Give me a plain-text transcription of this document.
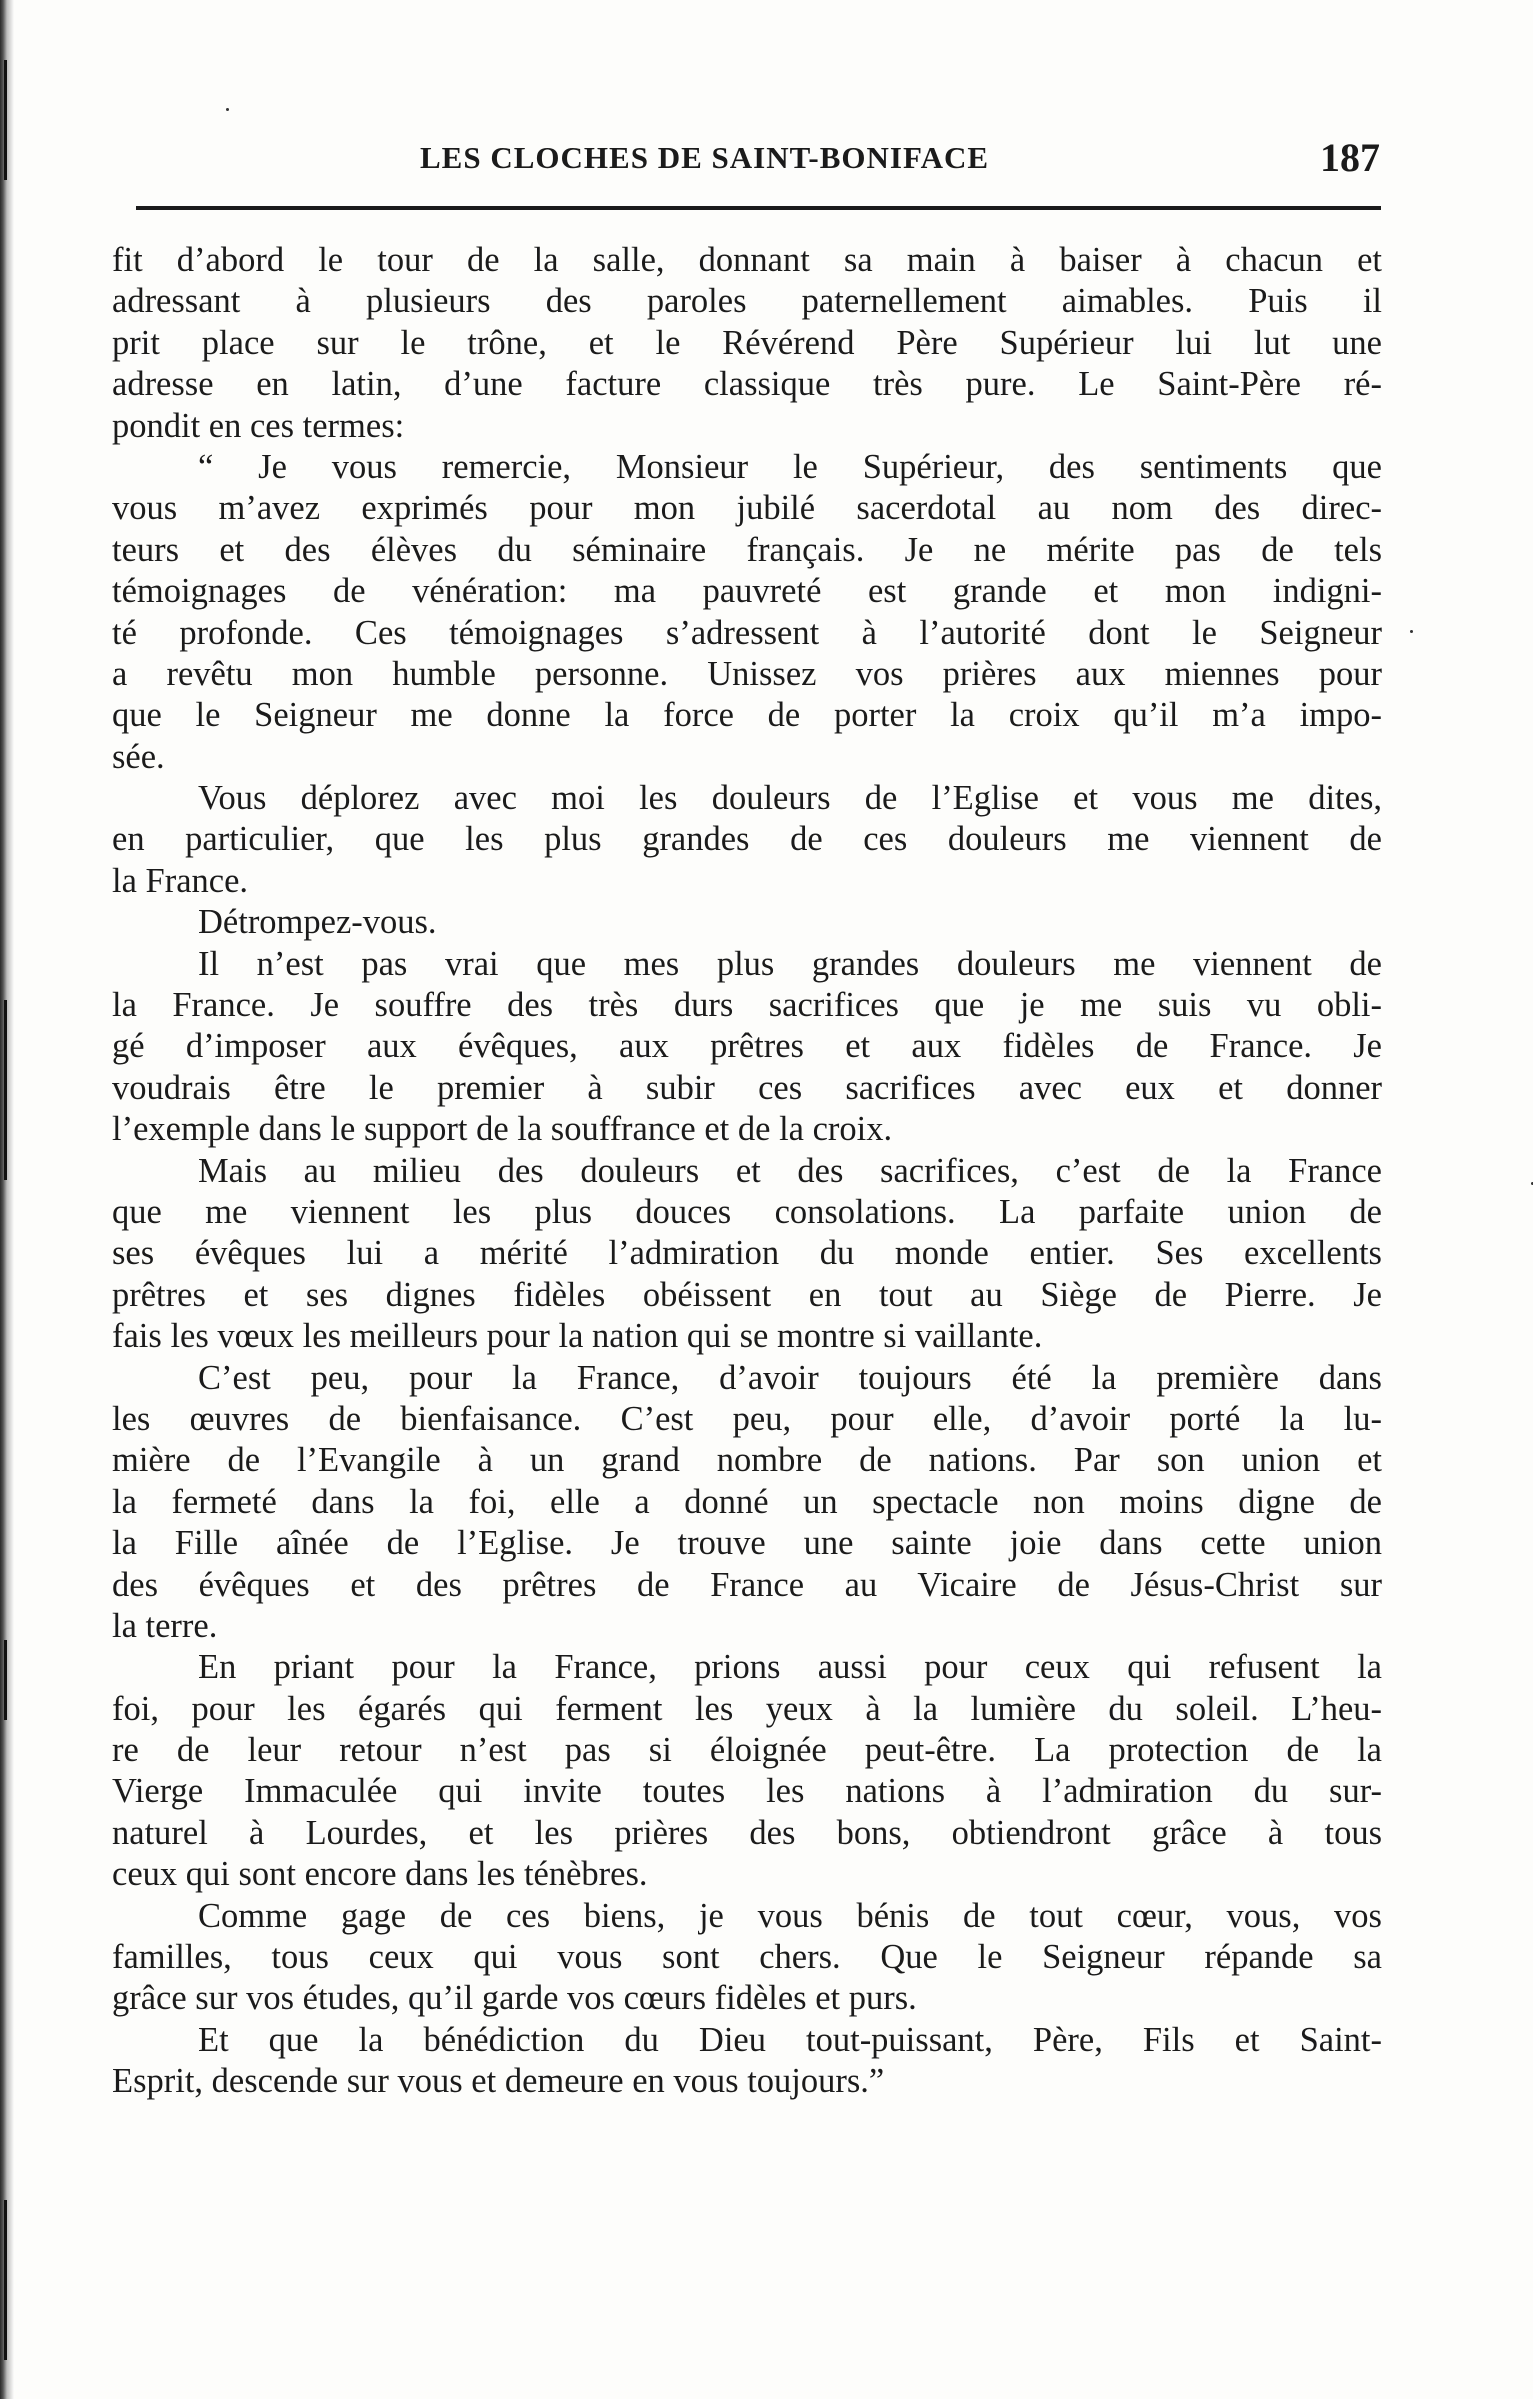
LES CLOCHES DE SAINT-BONIFACE	187
fit d’abord le tour de la salle, donnant sa main à baiser à chacun et
adressant à plusieurs des paroles paternellement aimables. Puis il
prit place sur le trône, et le Révérend Père Supérieur lui lut une
adresse en latin, d’une facture classique très pure. Le Saint-Père ré-
pondit en ces termes:
“ Je vous remercie, Monsieur le Supérieur, des sentiments que
vous m’avez exprimés pour mon jubilé sacerdotal au nom des direc-
teurs et des élèves du séminaire français. Je ne mérite pas de tels
témoignages de vénération: ma pauvreté est grande et mon indigni-
té profonde. Ces témoignages s’adressent à l’autorité dont le Seigneur
a revêtu mon humble personne. Unissez vos prières aux miennes pour
que le Seigneur me donne la force de porter la croix qu’il m’a impo-
sée.
Vous déplorez avec moi les douleurs de l’Eglise et vous me dites,
en particulier, que les plus grandes de ces douleurs me viennent de
la France.
Détrompez-vous.
Il n’est pas vrai que mes plus grandes douleurs me viennent de
la France. Je souffre des très durs sacrifices que je me suis vu obli-
gé d’imposer aux évêques, aux prêtres et aux fidèles de France. Je
voudrais être le premier à subir ces sacrifices avec eux et donner
l’exemple dans le support de la souffrance et de la croix.
Mais au milieu des douleurs et des sacrifices, c’est de la France
que me viennent les plus douces consolations. La parfaite union de
ses évêques lui a mérité l’admiration du monde entier. Ses excellents
prêtres et ses dignes fidèles obéissent en tout au Siège de Pierre. Je
fais les vœux les meilleurs pour la nation qui se montre si vaillante.
C’est peu, pour la France, d’avoir toujours été la première dans
les œuvres de bienfaisance. C’est peu, pour elle, d’avoir porté la lu-
mière de l’Evangile à un grand nombre de nations. Par son union et
la fermeté dans la foi, elle a donné un spectacle non moins digne de
la Fille aînée de l’Eglise. Je trouve une sainte joie dans cette union
des évêques et des prêtres de France au Vicaire de Jésus-Christ sur
la terre.
En priant pour la France, prions aussi pour ceux qui refusent la
foi, pour les égarés qui ferment les yeux à la lumière du soleil. L’heu-
re de leur retour n’est pas si éloignée peut-être. La protection de la
Vierge Immaculée qui invite toutes les nations à l’admiration du sur-
naturel à Lourdes, et les prières des bons, obtiendront grâce à tous
ceux qui sont encore dans les ténèbres.
Comme gage de ces biens, je vous bénis de tout cœur, vous, vos
familles, tous ceux qui vous sont chers. Que le Seigneur répande sa
grâce sur vos études, qu’il garde vos cœurs fidèles et purs.
Et que la bénédiction du Dieu tout-puissant, Père, Fils et Saint-
Esprit, descende sur vous et demeure en vous toujours.”
